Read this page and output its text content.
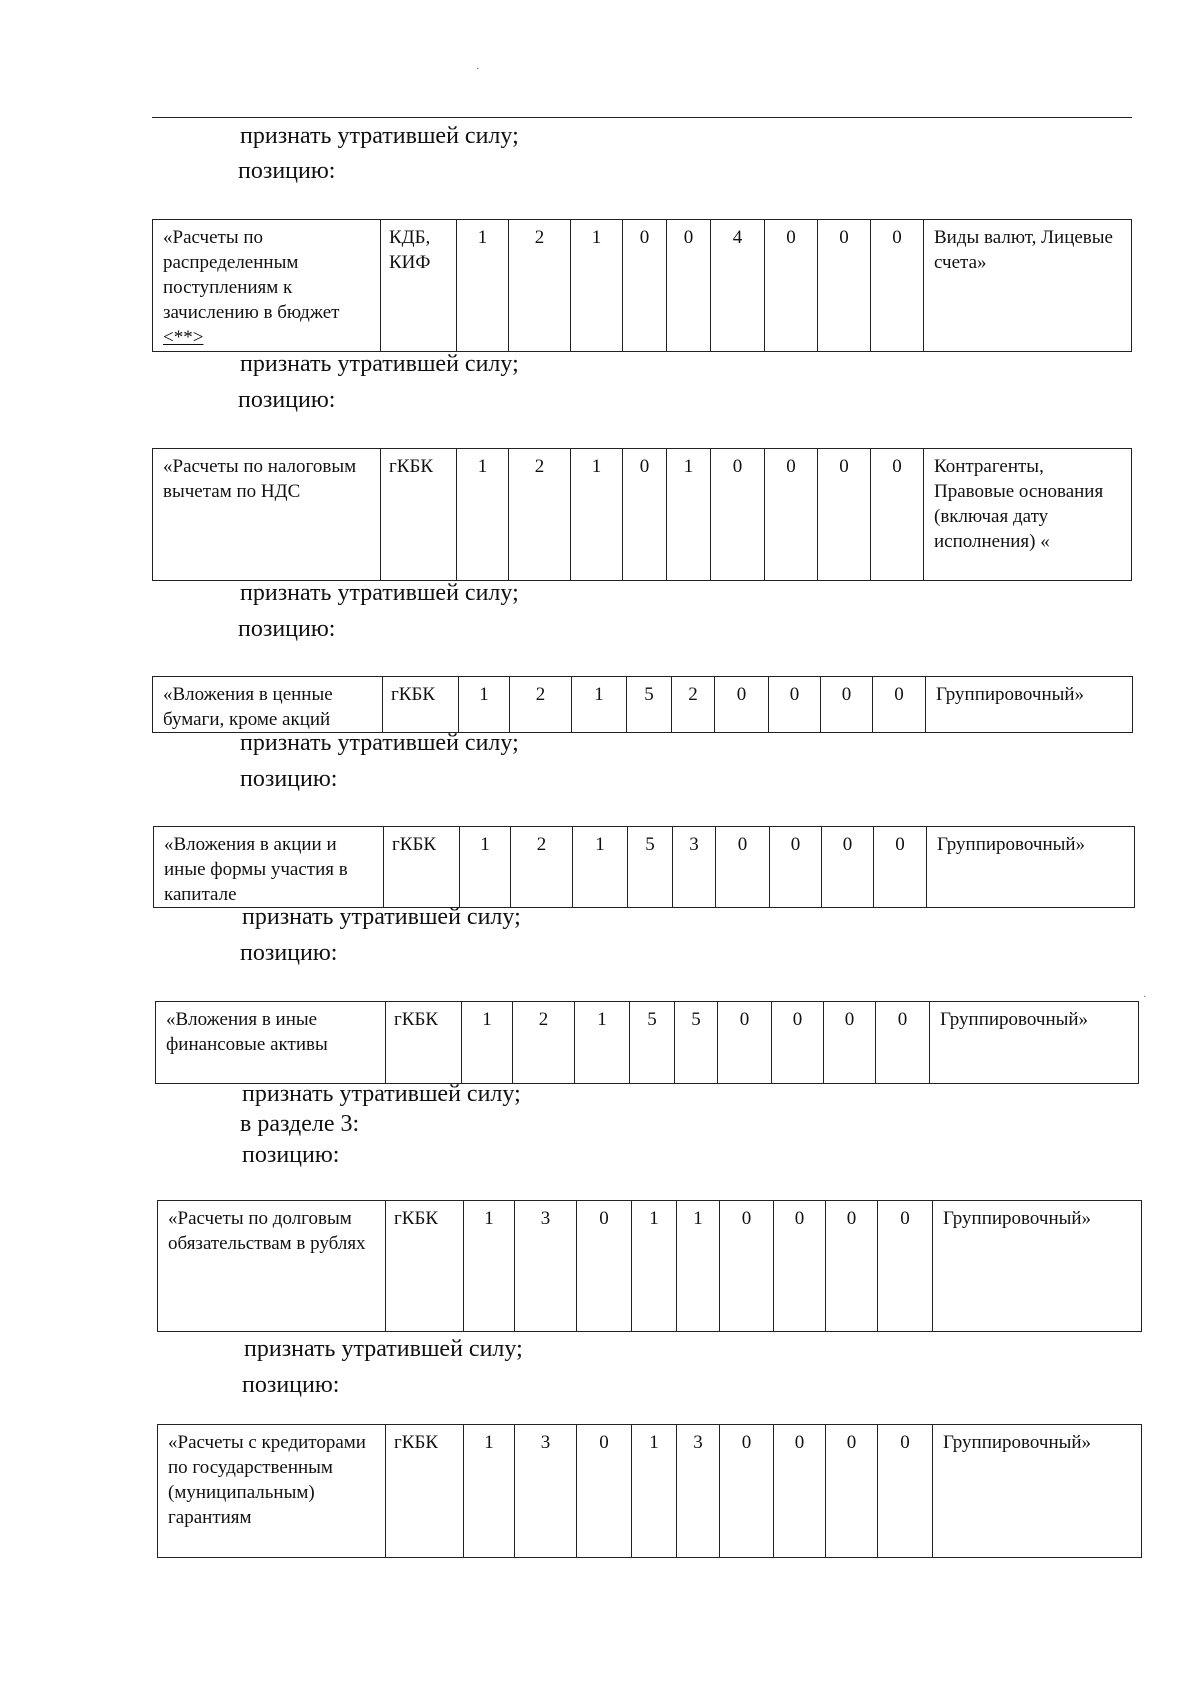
·
·
признать утратившей силу;
позицию:
«Расчеты по распределенным поступлениям к зачислению в бюджет <**>	КДБ, КИФ	1	2	1	0	0	4	0	0	0	Виды валют, Лицевые счета»
признать утратившей силу;
позицию:
«Расчеты по налоговым вычетам по НДС	гКБК	1	2	1	0	1	0	0	0	0	Контрагенты, Правовые основания (включая дату исполнения) «
признать утратившей силу;
позицию:
«Вложения в ценные бумаги, кроме акций	гКБК	1	2	1	5	2	0	0	0	0	Группировочный»
признать утратившей силу;
позицию:
«Вложения в акции и иные формы участия в капитале	гКБК	1	2	1	5	3	0	0	0	0	Группировочный»
признать утратившей силу;
позицию:
«Вложения в иные финансовые активы	гКБК	1	2	1	5	5	0	0	0	0	Группировочный»
признать утратившей силу;
в разделе 3:
позицию:
«Расчеты по долговым обязательствам в рублях	гКБК	1	3	0	1	1	0	0	0	0	Группировочный»
признать утратившей силу;
позицию:
«Расчеты с кредиторами по государственным (муниципальным) гарантиям	гКБК	1	3	0	1	3	0	0	0	0	Группировочный»
